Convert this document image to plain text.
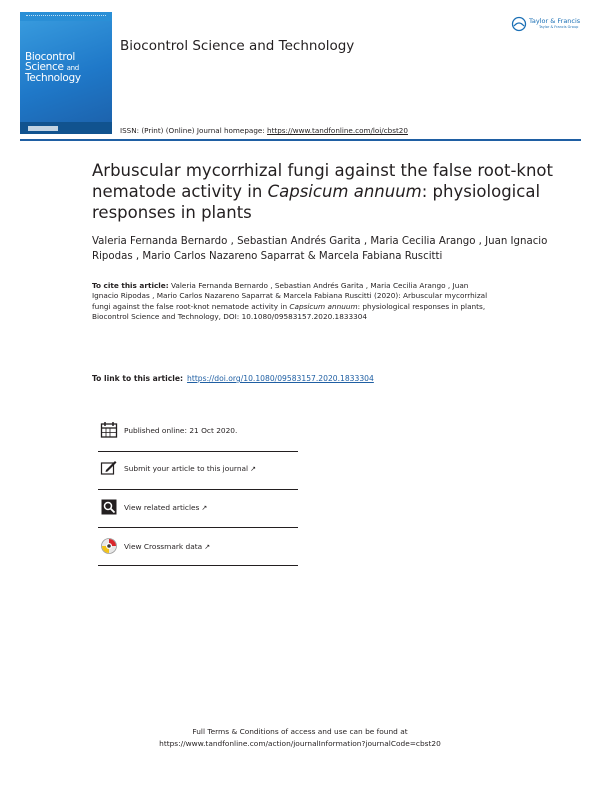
Biocontrol
Science and
Technology
Biocontrol Science and Technology
ISSN: (Print) (Online) Journal homepage: https://www.tandfonline.com/loi/cbst20
Taylor & Francis
Taylor & Francis Group
Arbuscular mycorrhizal fungi against the false root-knot nematode activity in Capsicum annuum: physiological responses in plants
Valeria Fernanda Bernardo , Sebastian Andrés Garita , Maria Cecilia Arango , Juan Ignacio Ripodas , Mario Carlos Nazareno Saparrat & Marcela Fabiana Ruscitti
To cite this article: Valeria Fernanda Bernardo , Sebastian Andrés Garita , Maria Cecilia Arango , Juan Ignacio Ripodas , Mario Carlos Nazareno Saparrat & Marcela Fabiana Ruscitti (2020): Arbuscular mycorrhizal fungi against the false root-knot nematode activity in Capsicum annuum: physiological responses in plants, Biocontrol Science and Technology, DOI: 10.1080/09583157.2020.1833304
To link to this article: https://doi.org/10.1080/09583157.2020.1833304
Published online: 21 Oct 2020.
Submit your article to this journal ↗
View related articles ↗
View Crossmark data ↗
Full Terms & Conditions of access and use can be found at
https://www.tandfonline.com/action/journalInformation?journalCode=cbst20
